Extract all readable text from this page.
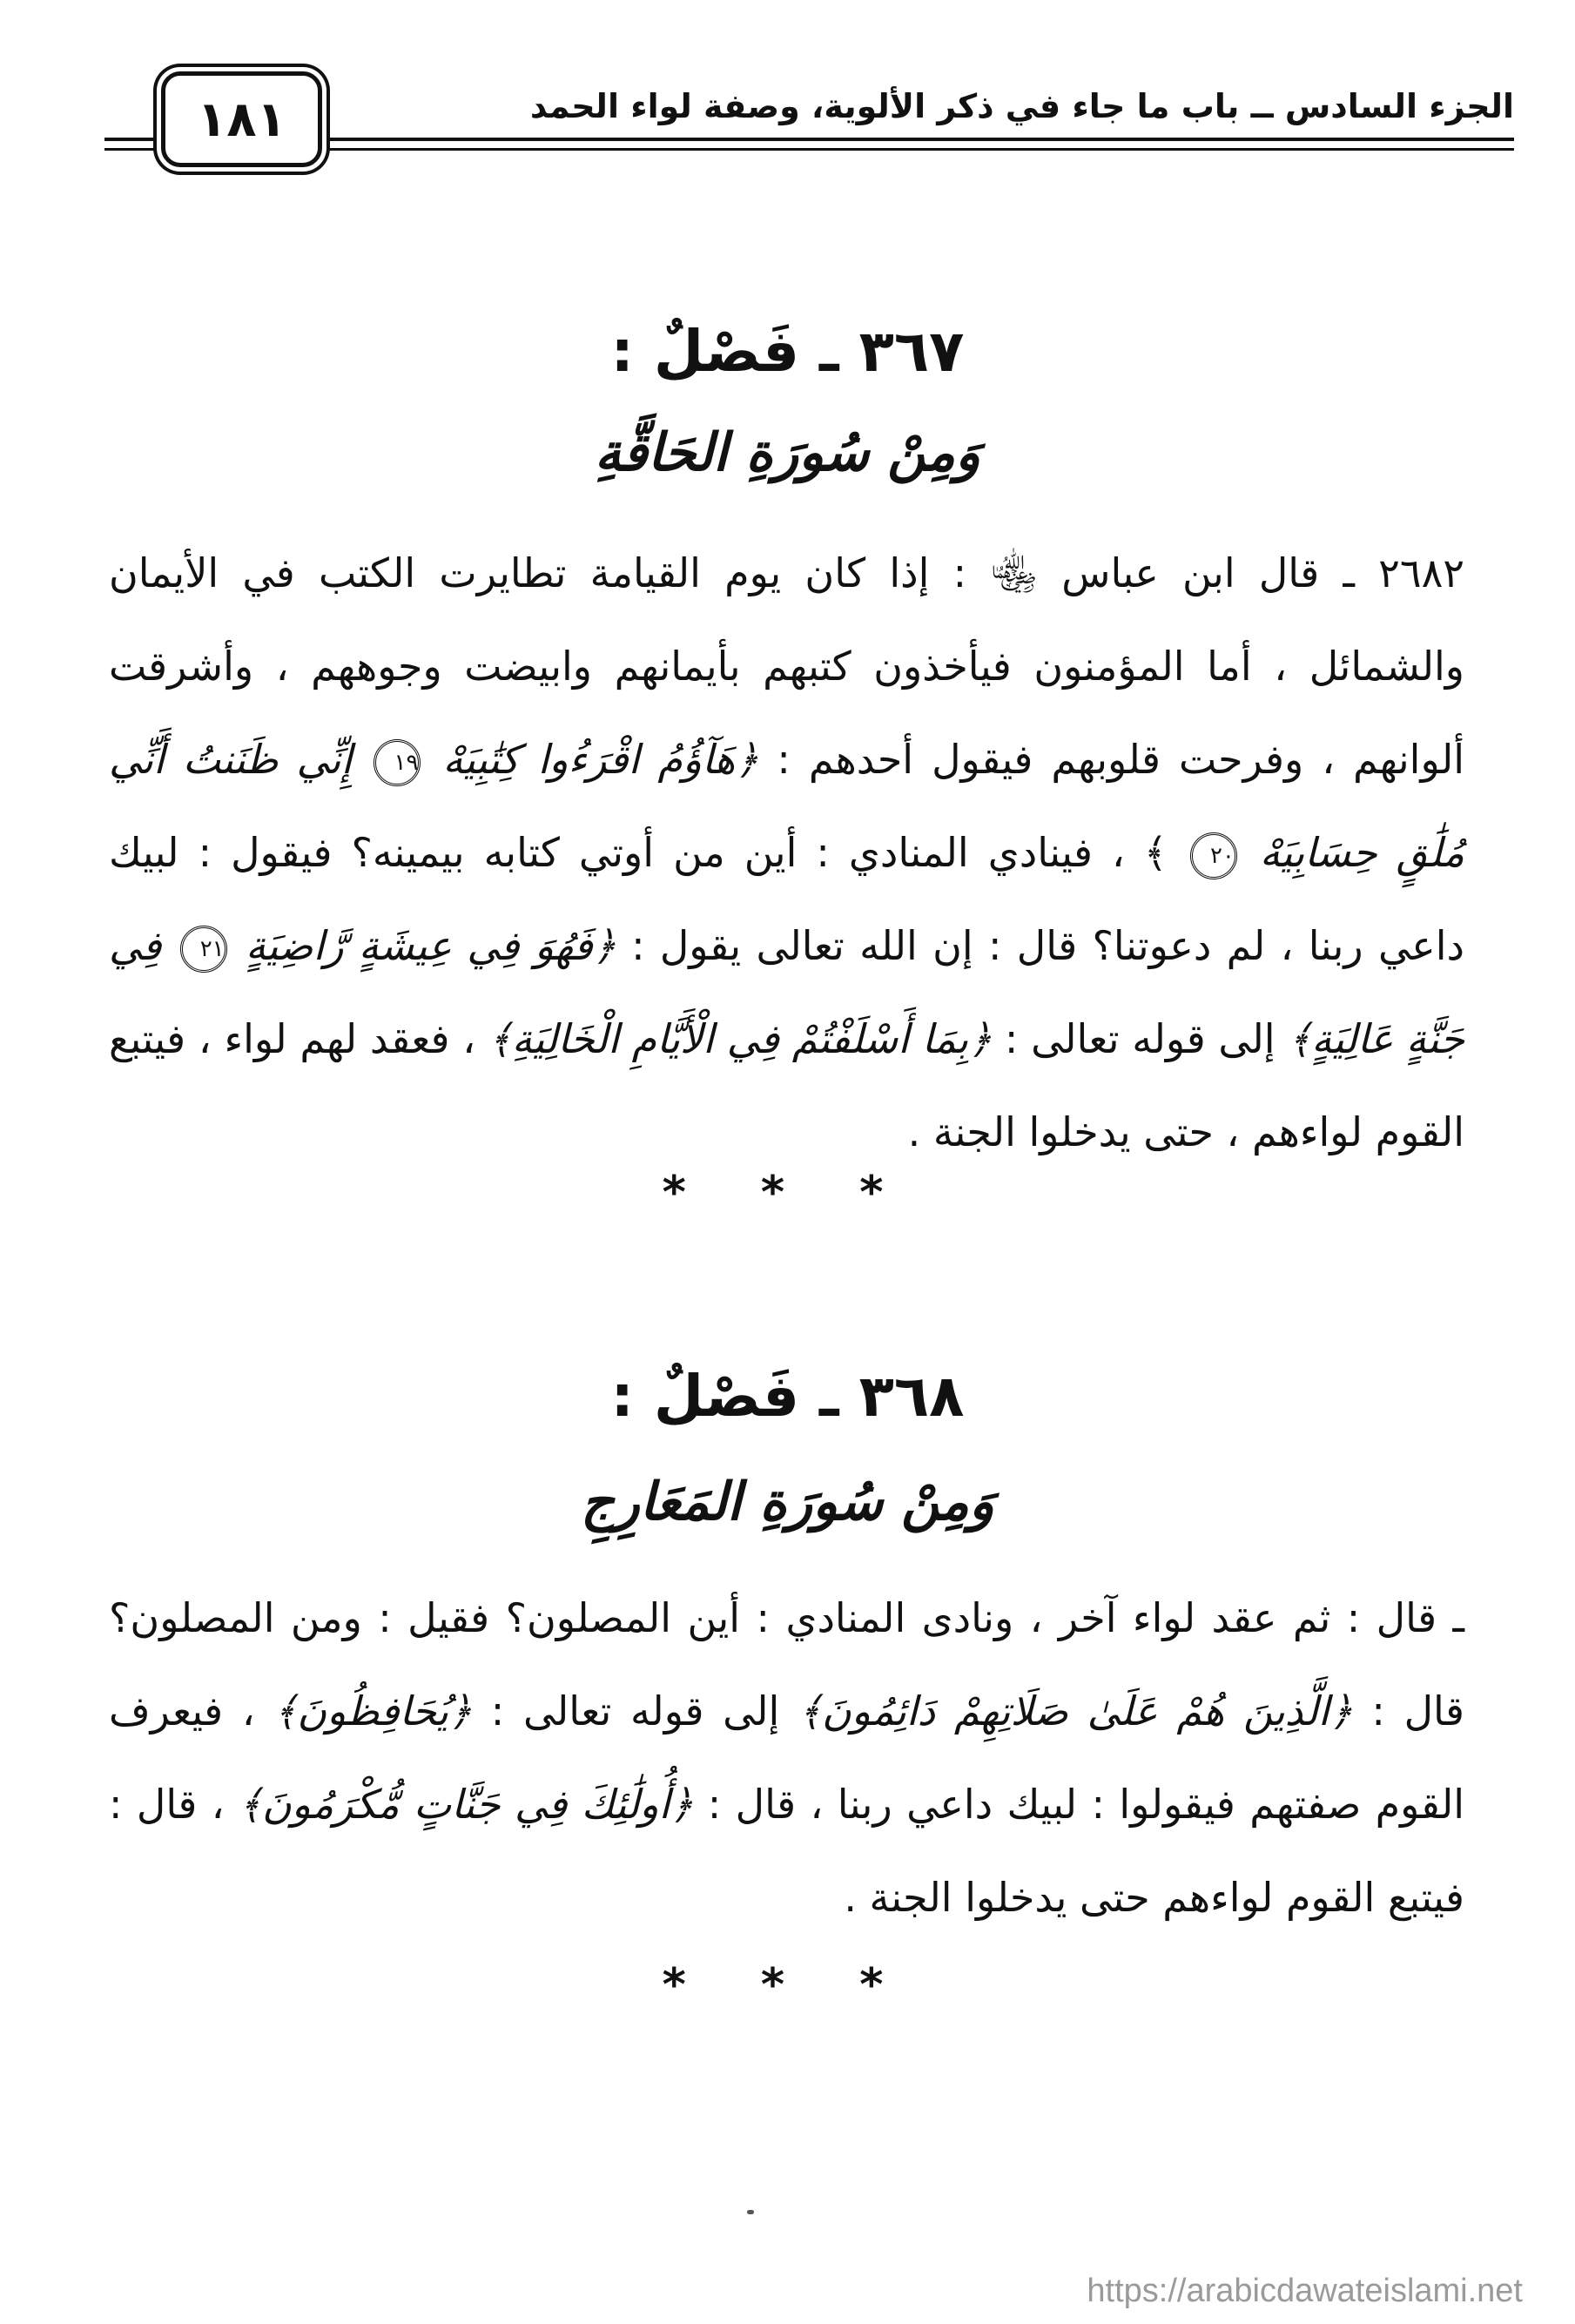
الجزء السادس ــ باب ما جاء في ذكر الألوية، وصفة لواء الحمد
١٨١
٣٦٧ ـ فَصْلٌ :
وَمِنْ سُورَةِ الحَاقَّةِ

٢٦٨٢ ـ قال ابن عباس ﵄ : إذا كان يوم القيامة تطايرت الكتب في الأيمان والشمائل ، أما المؤمنون فيأخذون كتبهم بأيمانهم وابيضت وجوههم ، وأشرقت ألوانهم ، وفرحت قلوبهم فيقول أحدهم : ﴿هَآؤُمُ اقْرَءُوا كِتَٰبِيَهْ ١٩ إِنِّي ظَنَنتُ أَنِّي مُلَٰقٍ حِسَابِيَهْ ٢٠ ﴾ ، فينادي المنادي : أين من أوتي كتابه بيمينه؟ فيقول : لبيك داعي ربنا ، لم دعوتنا؟ قال : إن الله تعالى يقول : ﴿فَهُوَ فِي عِيشَةٍ رَّاضِيَةٍ ٢١ فِي جَنَّةٍ عَالِيَةٍ﴾ إلى قوله تعالى : ﴿بِمَا أَسْلَفْتُمْ فِي الْأَيَّامِ الْخَالِيَةِ﴾ ، فعقد لهم لواء ، فيتبع القوم لواءهم ، حتى يدخلوا الجنة .

* * *
٣٦٨ ـ فَصْلٌ :
وَمِنْ سُورَةِ المَعَارِجِ

ـ قال : ثم عقد لواء آخر ، ونادى المنادي : أين المصلون؟ فقيل : ومن المصلون؟ قال : ﴿الَّذِينَ هُمْ عَلَىٰ صَلَاتِهِمْ دَائِمُونَ﴾ إلى قوله تعالى : ﴿يُحَافِظُونَ﴾ ، فيعرف القوم صفتهم فيقولوا : لبيك داعي ربنا ، قال : ﴿أُولَٰئِكَ فِي جَنَّاتٍ مُّكْرَمُونَ﴾ ، قال : فيتبع القوم لواءهم حتى يدخلوا الجنة .

* * *
https://arabicdawateislami.net
